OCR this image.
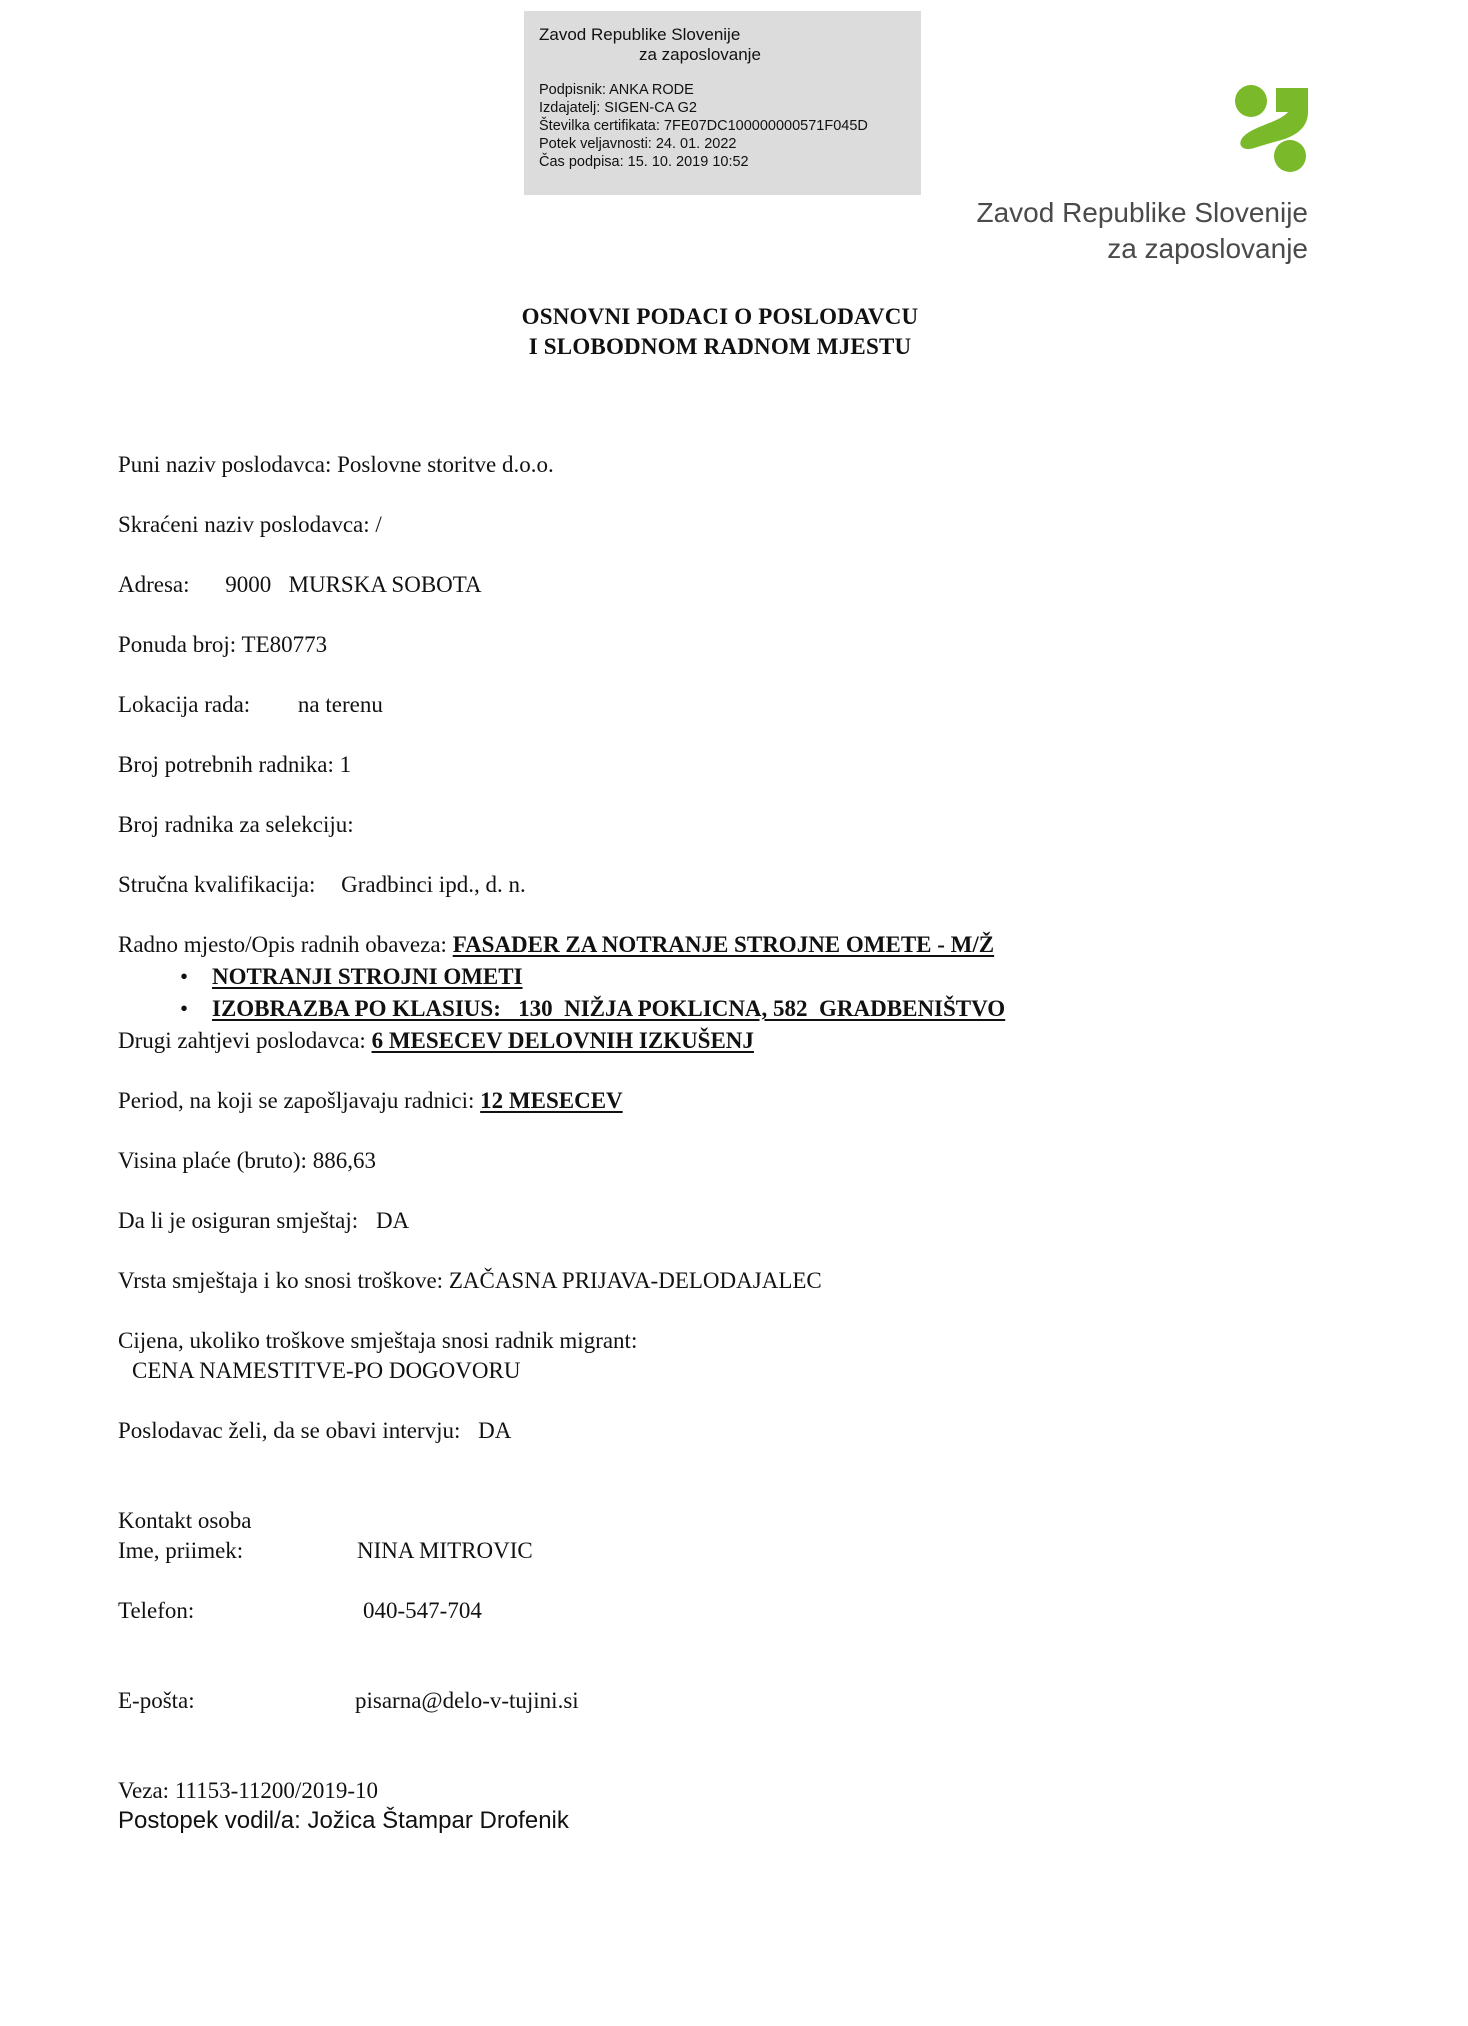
Zavod Republike Slovenije
za zaposlovanje
Podpisnik: ANKA RODE
Izdajatelj: SIGEN-CA G2
Številka certifikata: 7FE07DC100000000571F045D
Potek veljavnosti: 24. 01. 2022
Čas podpisa: 15. 10. 2019 10:52
Zavod Republike Slovenije
za zaposlovanje
OSNOVNI PODACI O POSLODAVCU
I SLOBODNOM RADNOM MJESTU
Puni naziv poslodavca: Poslovne storitve d.o.o.
Skraćeni naziv poslodavca: /
Adresa: 9000   MURSKA SOBOTA
Ponuda broj: TE80773
Lokacija rada: na terenu
Broj potrebnih radnika: 1
Broj radnika za selekciju:
Stručna kvalifikacija: Gradbinci ipd., d. n.
Radno mjesto/Opis radnih obaveza: FASADER ZA NOTRANJE STROJNE OMETE - M/Ž
• NOTRANJI STROJNI OMETI
• IZOBRAZBA PO KLASIUS:   130  NIŽJA POKLICNA, 582  GRADBENIŠTVO
Drugi zahtjevi poslodavca: 6 MESECEV DELOVNIH IZKUŠENJ
Period, na koji se zapošljavaju radnici: 12 MESECEV
Visina plaće (bruto): 886,63
Da li je osiguran smještaj: DA
Vrsta smještaja i ko snosi troškove: ZAČASNA PRIJAVA-DELODAJALEC
Cijena, ukoliko troškove smještaja snosi radnik migrant:
CENA NAMESTITVE-PO DOGOVORU
Poslodavac želi, da se obavi intervju: DA
Kontakt osoba
Ime, priimek:	NINA MITROVIC
Telefon:	040-547-704
E-pošta:	pisarna@delo-v-tujini.si
Veza: 11153-11200/2019-10
Postopek vodil/a: Jožica Štampar Drofenik
